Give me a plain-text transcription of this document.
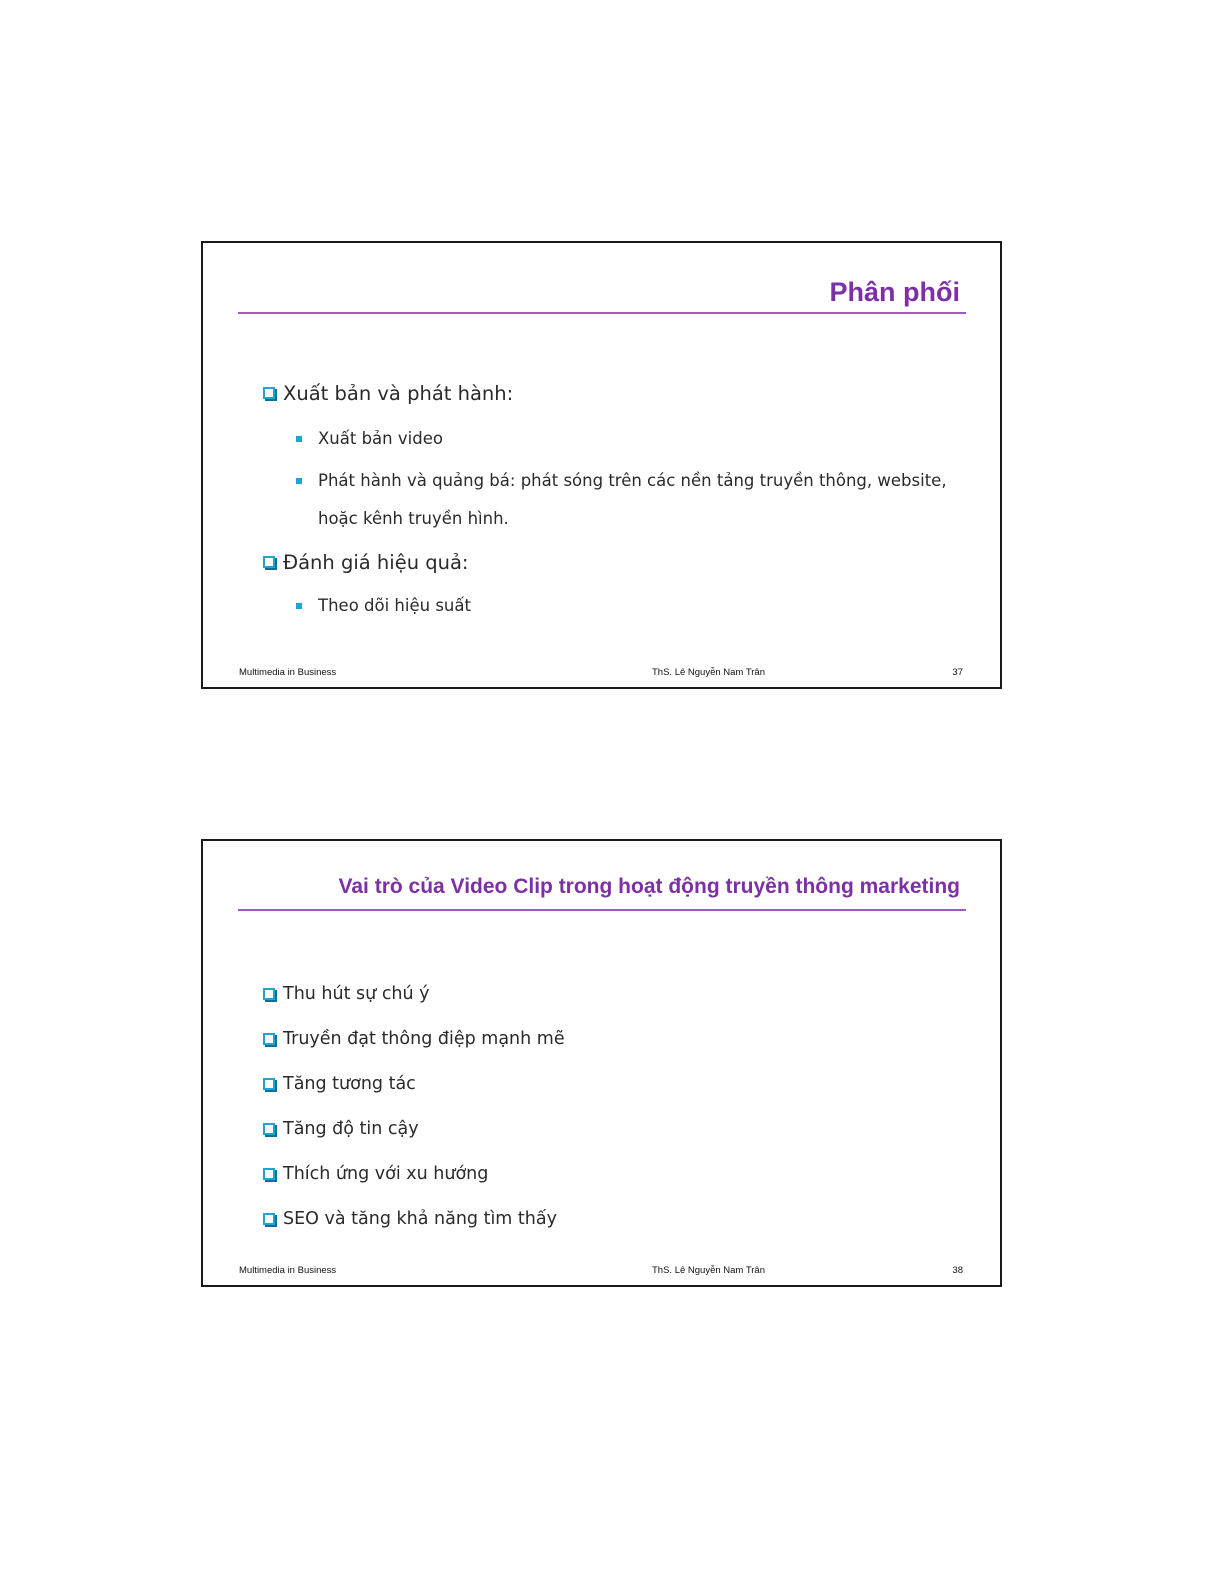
Phân phối
Xuất bản và phát hành:
Xuất bản video
Phát hành và quảng bá: phát sóng trên các nền tảng truyền thông, website, hoặc kênh truyền hình.
Đánh giá hiệu quả:
Theo dõi hiệu suất
Multimedia in Business	ThS. Lê Nguyễn Nam Trân	37
Vai trò của Video Clip trong hoạt động truyền thông marketing
Thu hút sự chú ý
Truyền đạt thông điệp mạnh mẽ
Tăng tương tác
Tăng độ tin cậy
Thích ứng với xu hướng
SEO và tăng khả năng tìm thấy
Multimedia in Business	ThS. Lê Nguyễn Nam Trân	38
